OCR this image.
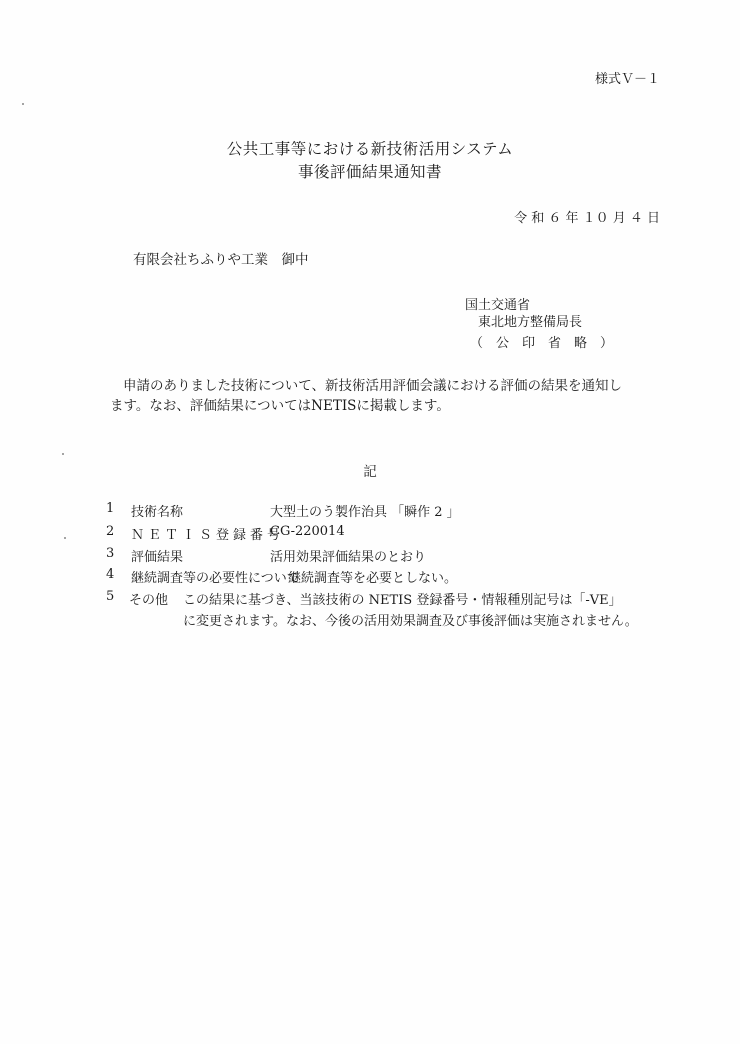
様式Ｖ－１
公共工事等における新技術活用システム
事後評価結果通知書
令 和 ６ 年 １０ 月 ４ 日
有限会社ちふりや工業　御中
国土交通省
東北地方整備局長
（　公　印　省　略　）
申請のありました技術について、新技術活用評価会議における評価の結果を通知します。なお、評価結果についてはNETISに掲載します。
記
1 技術名称	大型土のう製作治具 「瞬作 2 」
2 ＮＥＴＩＳ登録番号
CG-220014
3 評価結果	活用効果評価結果のとおり
4 継続調査等の必要性について
継続調査等を必要としない。
5 その他 この結果に基づき、当該技術の NETIS 登録番号・情報種別記号は「-VE」
に変更されます。なお、今後の活用効果調査及び事後評価は実施されません。
